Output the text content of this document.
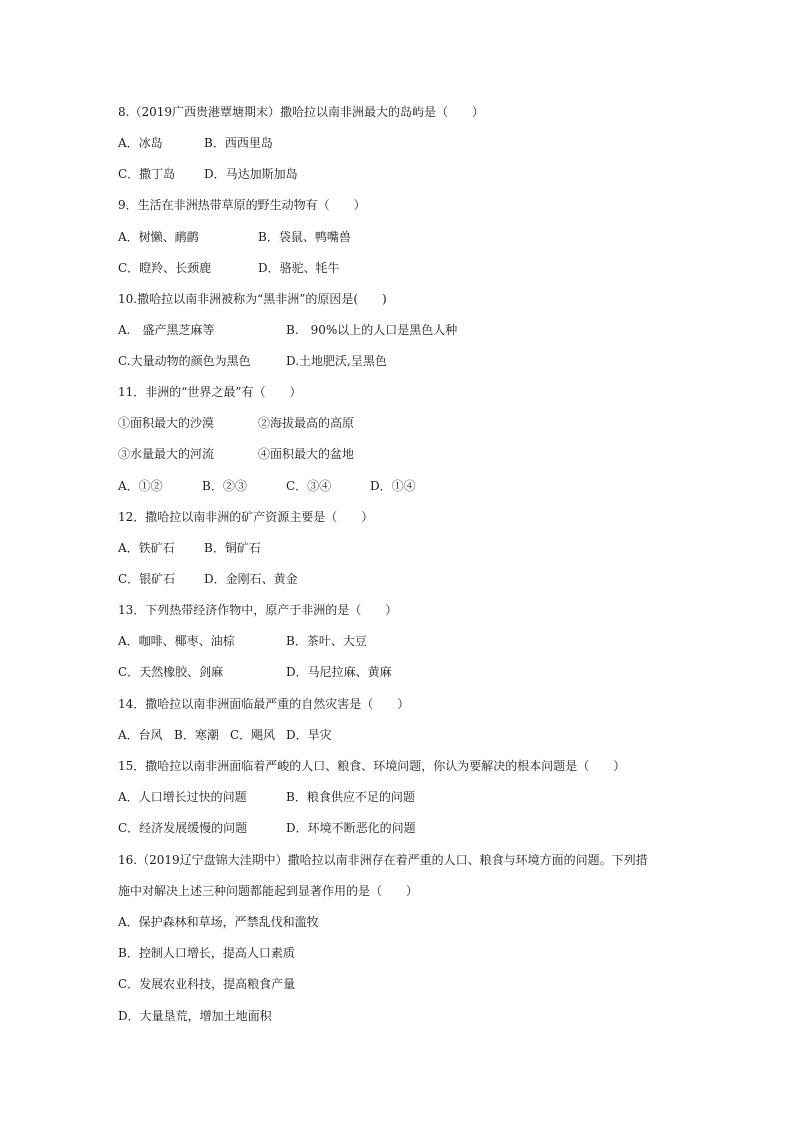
8.（2019广西贵港覃塘期末）撒哈拉以南非洲最大的岛屿是（　　）
A．冰岛	B．西西里岛
C．撒丁岛 D．马达加斯加岛
9．生活在非洲热带草原的野生动物有（　　）
A．树懒、鸸鹋	B．袋鼠、鸭嘴兽
C．瞪羚、长颈鹿	D．骆驼、牦牛
10.撒哈拉以南非洲被称为“黑非洲”的原因是(　　)
A.　盛产黑芝麻等	B.　90%以上的人口是黑色人种
C.大量动物的颜色为黑色	D.土地肥沃,呈黑色
11．非洲的“世界之最”有（　　）
①面积最大的沙漠	②海拔最高的高原
③水量最大的河流	④面积最大的盆地
A．①②	B．②③	C．③④	D．①④
12．撒哈拉以南非洲的矿产资源主要是（　　）
A．铁矿石 B．铜矿石
C．银矿石 D．金刚石、黄金
13．下列热带经济作物中，原产于非洲的是（　　）
A．咖啡、椰枣、油棕	B．茶叶、大豆
C．天然橡胶、剑麻	D．马尼拉麻、黄麻
14．撒哈拉以南非洲面临最严重的自然灾害是（　　）
A．台风 B．寒潮 C．飓风 D．旱灾
15．撒哈拉以南非洲面临着严峻的人口、粮食、环境问题，你认为要解决的根本问题是（　　）
A．人口增长过快的问题	B．粮食供应不足的问题
C．经济发展缓慢的问题	D．环境不断恶化的问题
16.（2019辽宁盘锦大洼期中）撒哈拉以南非洲存在着严重的人口、粮食与环境方面的问题。下列措
施中对解决上述三种问题都能起到显著作用的是（　　）
A．保护森林和草场，严禁乱伐和滥牧
B．控制人口增长，提高人口素质
C．发展农业科技，提高粮食产量
D．大量垦荒，增加土地面积
